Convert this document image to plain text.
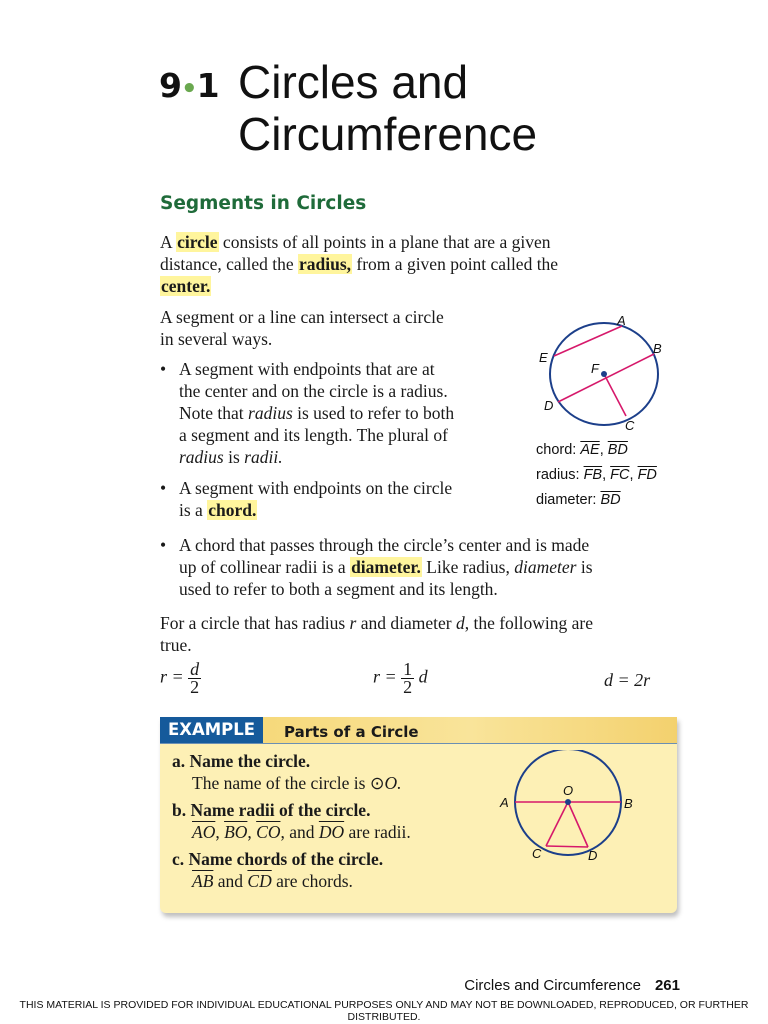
9•1 Circles and
Circumference
Segments in Circles
A circle consists of all points in a plane that are a given
distance, called the radius, from a given point called the
center.
A segment or a line can intersect a circle
in several ways.
• A segment with endpoints that are at
the center and on the circle is a radius.
Note that radius is used to refer to both
a segment and its length. The plural of
radius is radii.
• A segment with endpoints on the circle
is a chord.
A
B
C
D
E
F
chord: $\overline{AE}$, $\overline{BD}$
radius: $\overline{FB}$, $\overline{FC}$, $\overline{FD}$
diameter: $\overline{BD}$
• A chord that passes through the circle’s center and is made
up of collinear radii is a diameter. Like radius, diameter is
used to refer to both a segment and its length.
For a circle that has radius r and diameter d, the following are
true.
$r = \frac{d}{2}$	$r = \frac{1}{2}$ d	d = 2r
EXAMPLE	Parts of a Circle
a. Name the circle.
The name of the circle is ⊙O.
b. Name radii of the circle.
$\overline{AO}$, $\overline{BO}$, $\overline{CO}$, and $\overline{DO}$ are radii.
c. Name chords of the circle.
$\overline{AB}$ and $\overline{CD}$ are chords.
O
A	B
C	D
Circles and Circumference 261
THIS MATERIAL IS PROVIDED FOR INDIVIDUAL EDUCATIONAL PURPOSES ONLY AND MAY NOT BE DOWNLOADED, REPRODUCED, OR FURTHER DISTRIBUTED.
